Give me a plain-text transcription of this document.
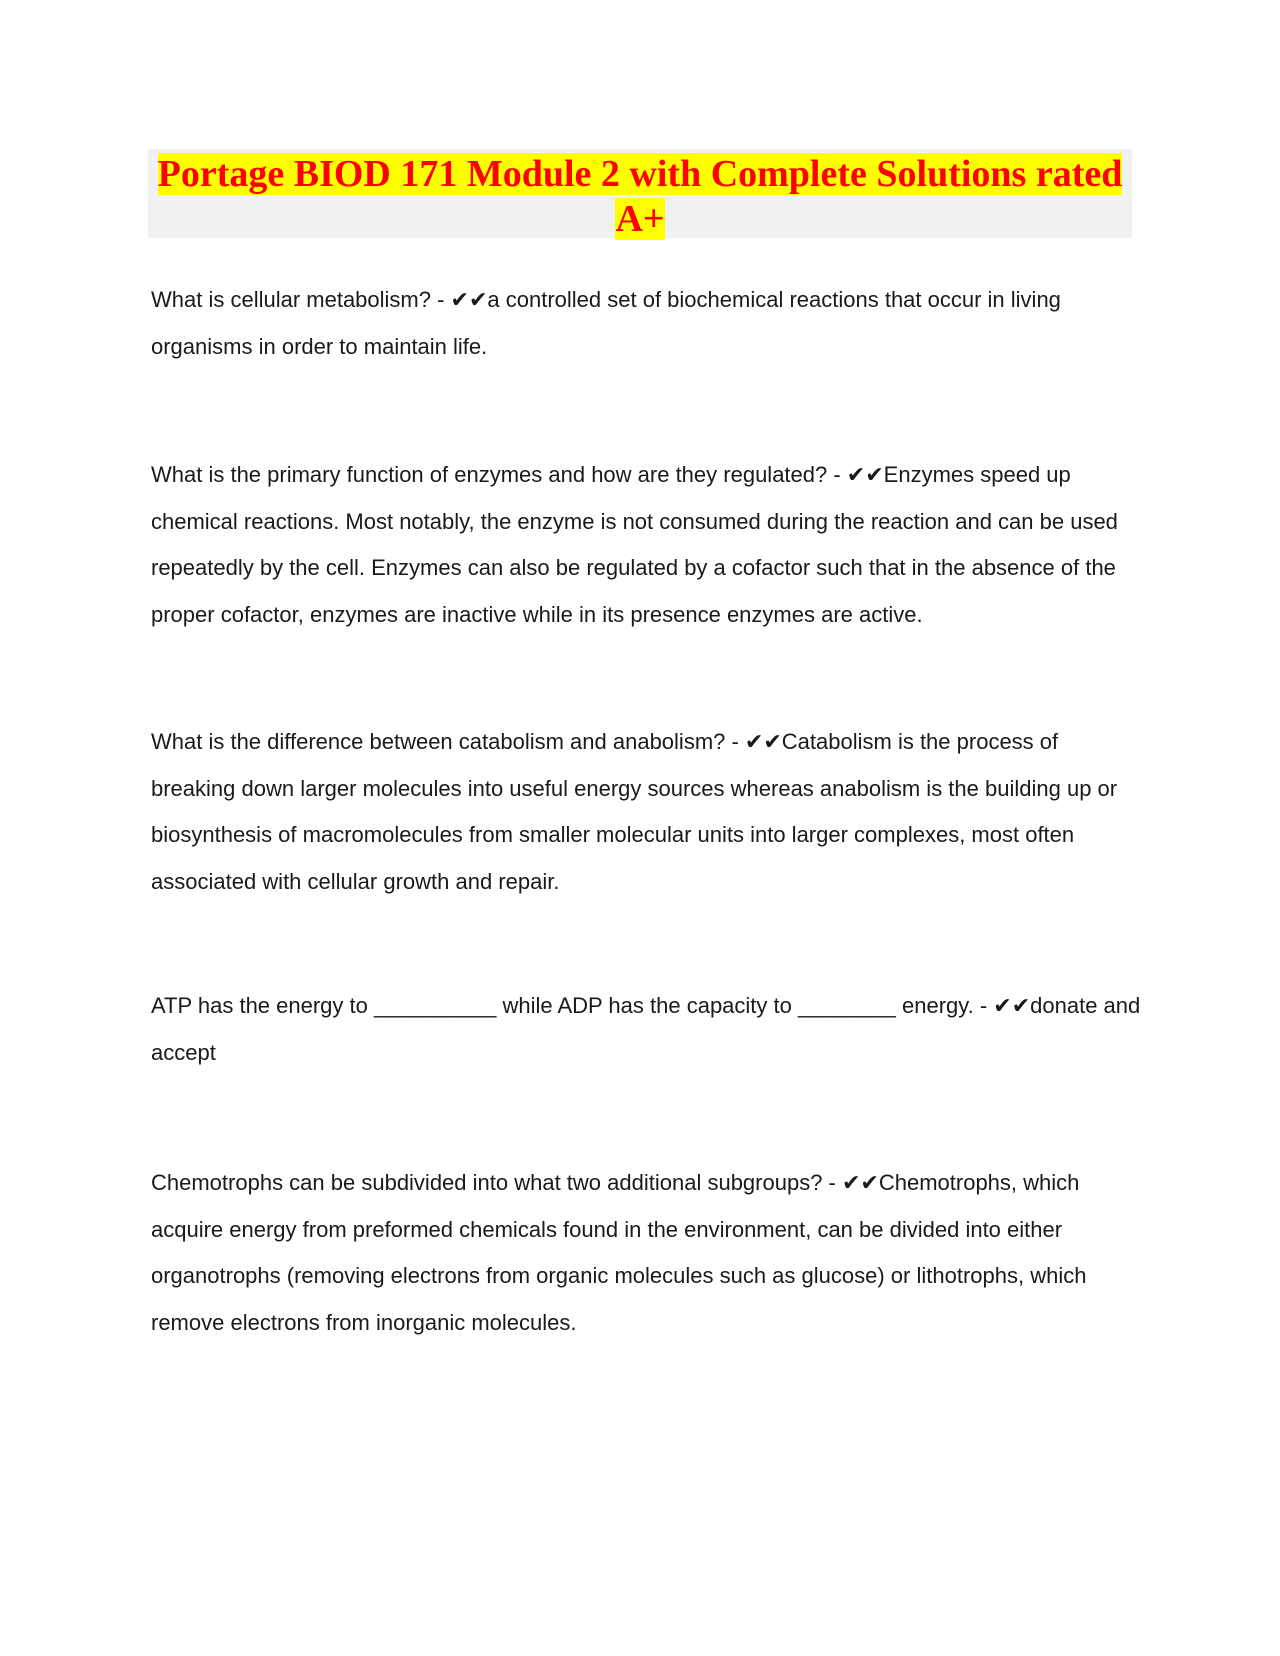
Portage BIOD 171 Module 2 with Complete Solutions rated A+

What is cellular metabolism? - ✔✔a controlled set of biochemical reactions that occur in living organisms in order to maintain life.

What is the primary function of enzymes and how are they regulated? - ✔✔Enzymes speed up chemical reactions. Most notably, the enzyme is not consumed during the reaction and can be used repeatedly by the cell. Enzymes can also be regulated by a cofactor such that in the absence of the proper cofactor, enzymes are inactive while in its presence enzymes are active.

What is the difference between catabolism and anabolism? - ✔✔Catabolism is the process of breaking down larger molecules into useful energy sources whereas anabolism is the building up or biosynthesis of macromolecules from smaller molecular units into larger complexes, most often associated with cellular growth and repair.

ATP has the energy to __________ while ADP has the capacity to ________ energy. - ✔✔donate and accept

Chemotrophs can be subdivided into what two additional subgroups? - ✔✔Chemotrophs, which acquire energy from preformed chemicals found in the environment, can be divided into either organotrophs (removing electrons from organic molecules such as glucose) or lithotrophs, which remove electrons from inorganic molecules.
